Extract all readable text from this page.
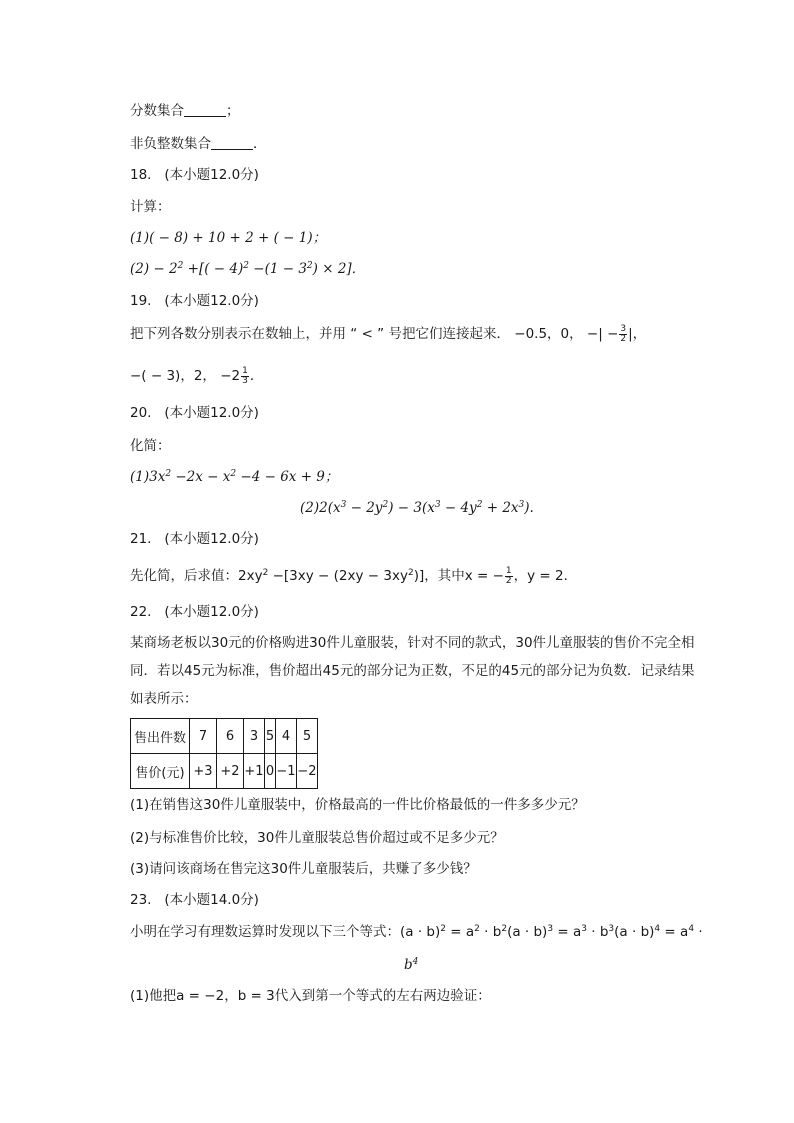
分数集合	；
非负整数集合	．
18.   (本小题12.0分)
计算：
(1)( − 8) + 10 + 2 + ( − 1)；
$(2) - 2^2$ +[( − $4)^2 -(1 - 3^2) \times 2$]．
19.   (本小题12.0分)
把下列各数分别表示在数轴上，并用 “ < ” 号把它们连接起来． −0.5，0， −| − $\frac{3}{2}$ |，
−( − 3)，2， $-2 \frac{1}{3}$ ．
20.   (本小题12.0分)
化简：
$(1)3x^2 -2x - x^2 -4 - 6x + 9$；
$(2)2(x^3 - 2y^2) - 3(x^3 - 4y^2 + 2x^3)$.
21.   (本小题12.0分)
先化简，后求值：$2xy^2 -[3xy - (2xy - 3xy^2)]$，其中x = − $\frac{1}{2}$ ，y = 2．
22.   (本小题12.0分)
某商场老板以30元的价格购进30件儿童服装，针对不同的款式，30件儿童服装的售价不完全相同．若以45元为标准，售价超出45元的部分记为正数，不足的45元的部分记为负数．记录结果如表所示：
售出件数	7	6	3	5	4	5
售价(元)	+3	+2	+1	0	−1	−2
(1)在销售这30件儿童服装中，价格最高的一件比价格最低的一件多多少元？
(2)与标准售价比较，30件儿童服装总售价超过或不足多少元？
(3)请问该商场在售完这30件儿童服装后，共赚了多少钱？
23.   (本小题14.0分)
小明在学习有理数运算时发现以下三个等式：$(a \cdot b)^2 = a^2 \cdot b^2(a \cdot b)^3 = a^3 \cdot b^3(a \cdot b)^4 = a^4$ ·
$b^4$
(1)他把a = −2，b = 3代入到第一个等式的左右两边验证：
